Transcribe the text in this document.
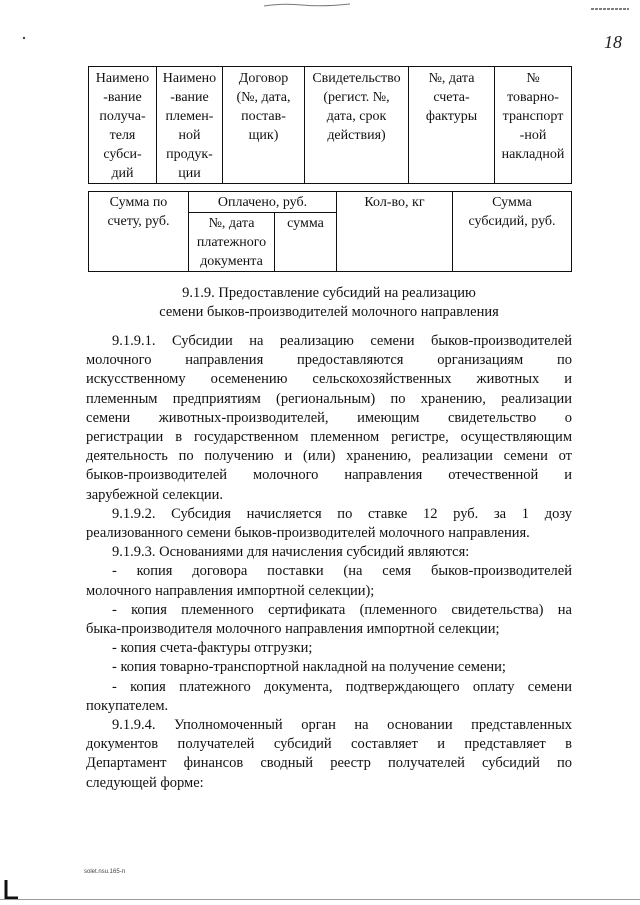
18
Наимено
-вание
получа-
теля
субси-
дий	Наимено
-вание
племен-
ной
продук-
ции	Договор
(№, дата,
постав-
щик)	Свидетельство
(регист. №,
дата, срок
действия)	№, дата
счета-
фактуры	№
товарно-
транспорт
-ной
накладной
Сумма по
счету, руб.	Оплачено, руб.		Кол-во, кг	Сумма
субсидий, руб.
	№, дата
платежного
документа	сумма		
9.1.9. Предоставление субсидий на реализацию
семени быков-производителей молочного направления

9.1.9.1. Субсидии на реализацию семени быков-производителей

молочного направления предоставляются организациям по

искусственному осеменению сельскохозяйственных животных и

племенным предприятиям (региональным) по хранению, реализации

семени животных-производителей, имеющим свидетельство о

регистрации в государственном племенном регистре, осуществляющим

деятельность по получению и (или) хранению, реализации семени от

быков-производителей молочного направления отечественной и

зарубежной селекции.

9.1.9.2. Субсидия начисляется по ставке 12 руб. за 1 дозу

реализованного семени быков-производителей молочного направления.

9.1.9.3. Основаниями для начисления субсидий являются:

- копия договора поставки (на семя быков-производителей

молочного направления импортной селекции);

- копия племенного сертификата (племенного свидетельства) на

быка-производителя молочного направления импортной селекции;

- копия счета-фактуры отгрузки;

- копия товарно-транспортной накладной на получение семени;

- копия платежного документа, подтверждающего оплату семени

покупателем.

9.1.9.4. Уполномоченный орган на основании представленных

документов получателей субсидий составляет и представляет в

Департамент финансов сводный реестр получателей субсидий по

следующей форме:

solet.nsu.165-п
